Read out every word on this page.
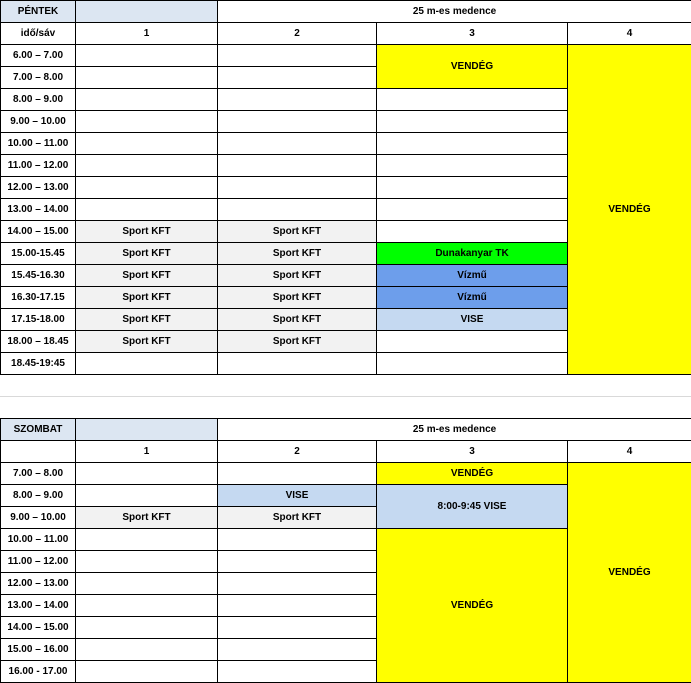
PÉNTEK		25 m-es medence		
idő/sáv	1	2	3	4
6.00 – 7.00			VENDÉG	VENDÉG
7.00 – 8.00				
8.00 – 9.00				
9.00 – 10.00				
10.00 – 11.00				
11.00 – 12.00				
12.00 – 13.00				
13.00 – 14.00				
14.00 – 15.00	Sport KFT	Sport KFT		
15.00-15.45	Sport KFT	Sport KFT	Dunakanyar TK	
15.45-16.30	Sport KFT	Sport KFT	Vízmű	
16.30-17.15	Sport KFT	Sport KFT	Vízmű	
17.15-18.00	Sport KFT	Sport KFT	VISE	
18.00 – 18.45	Sport KFT	Sport KFT		
18.45-19:45				
SZOMBAT		25 m-es medence		
	1	2	3	4
7.00 – 8.00			VENDÉG	VENDÉG
8.00 – 9.00		VISE	8:00-9:45 VISE	
9.00 – 10.00	Sport KFT	Sport KFT		
10.00 – 11.00			VENDÉG	
11.00 – 12.00				
12.00 – 13.00				
13.00 – 14.00				
14.00 – 15.00				
15.00 – 16.00				
16.00 - 17.00				
